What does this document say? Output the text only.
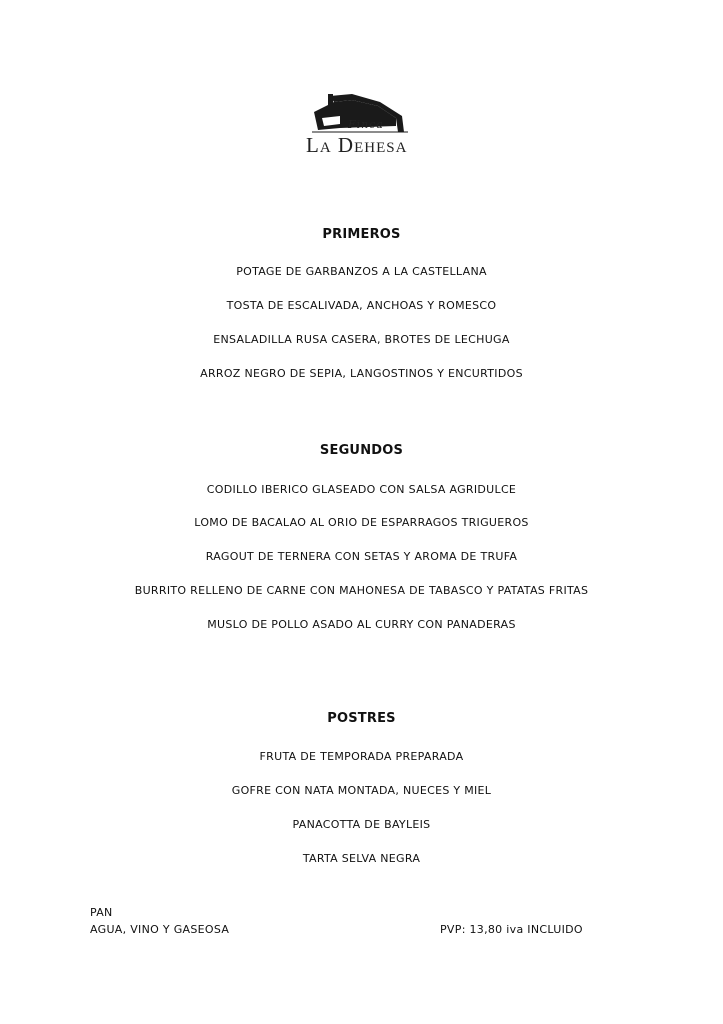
Finca
La Dehesa
PRIMEROS
POTAGE DE GARBANZOS A LA CASTELLANA
TOSTA DE ESCALIVADA, ANCHOAS Y ROMESCO
ENSALADILLA RUSA CASERA, BROTES DE LECHUGA
ARROZ NEGRO DE SEPIA, LANGOSTINOS Y ENCURTIDOS
SEGUNDOS
CODILLO IBERICO GLASEADO CON SALSA AGRIDULCE
LOMO DE BACALAO AL ORIO DE ESPARRAGOS TRIGUEROS
RAGOUT DE TERNERA CON SETAS Y AROMA DE TRUFA
BURRITO RELLENO DE CARNE CON MAHONESA DE TABASCO Y PATATAS FRITAS
MUSLO DE POLLO ASADO AL CURRY CON PANADERAS
POSTRES
FRUTA DE TEMPORADA PREPARADA
GOFRE CON NATA MONTADA, NUECES Y MIEL
PANACOTTA DE BAYLEIS
TARTA SELVA NEGRA
PAN
AGUA, VINO Y GASEOSA	PVP: 13,80 iva INCLUIDO
